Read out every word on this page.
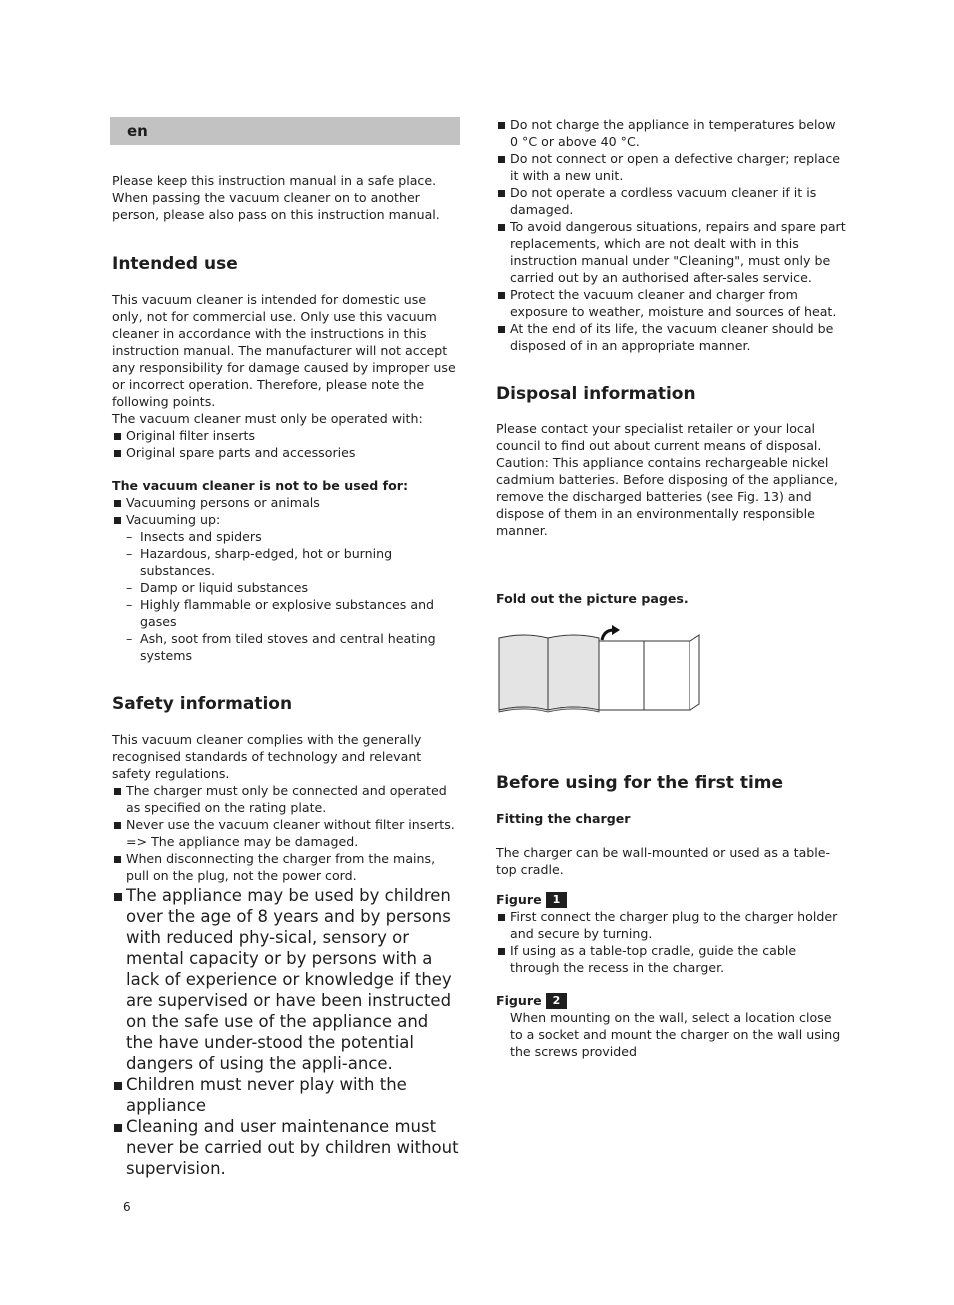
en

Please keep this instruction manual in a safe place. When passing the vacuum cleaner on to another person, please also pass on this instruction manual.

Intended use

This vacuum cleaner is intended for domestic use only, not for commercial use. Only use this vacuum cleaner in accordance with the instructions in this instruction manual. The manufacturer will not accept any responsibility for damage caused by improper use or incorrect operation. Therefore, please note the following points.

The vacuum cleaner must only be operated with:

Original filter inserts
Original spare parts and accessories

The vacuum cleaner is not to be used for:

Vacuuming persons or animals
Vacuuming up:
– Insects and spiders
– Hazardous, sharp-edged, hot or burning substances.
– Damp or liquid substances
– Highly flammable or explosive substances and gases
– Ash, soot from tiled stoves and central heating systems
Safety information

This vacuum cleaner complies with the generally recognised standards of technology and relevant safety regulations.

The charger must only be connected and operated as specified on the rating plate.
Never use the vacuum cleaner without filter inserts. => The appliance may be damaged.
When disconnecting the charger from the mains, pull on the plug, not the power cord.
The appliance may be used by children over the age of 8 years and by persons with reduced phy-sical, sensory or mental capacity or by persons with a lack of experience or knowledge if they are supervised or have been instructed on the safe use of the appliance and the have under-stood the potential dangers of using the appli-ance.
Children must never play with the appliance
Cleaning and user maintenance must never be carried out by children without supervision.
6
Do not charge the appliance in temperatures below 0 °C or above 40 °C.
Do not connect or open a defective charger; replace it with a new unit.
Do not operate a cordless vacuum cleaner if it is damaged.
To avoid dangerous situations, repairs and spare part replacements, which are not dealt with in this instruction manual under "Cleaning", must only be carried out by an authorised after-sales service.
Protect the vacuum cleaner and charger from exposure to weather, moisture and sources of heat.
At the end of its life, the vacuum cleaner should be disposed of in an appropriate manner.
Disposal information

Please contact your specialist retailer or your local council to find out about current means of disposal. Caution: This appliance contains rechargeable nickel cadmium batteries. Before disposing of the appliance, remove the discharged batteries (see Fig. 13) and dispose of them in an environmentally responsible manner.

Fold out the picture pages.

Before using for the first time

Fitting the charger

The charger can be wall-mounted or used as a table-top cradle.

Figure 1
First connect the charger plug to the charger holder and secure by turning.
If using as a table-top cradle, guide the cable through the recess in the charger.
Figure 2

When mounting on the wall, select a location close to a socket and mount the charger on the wall using the screws provided
